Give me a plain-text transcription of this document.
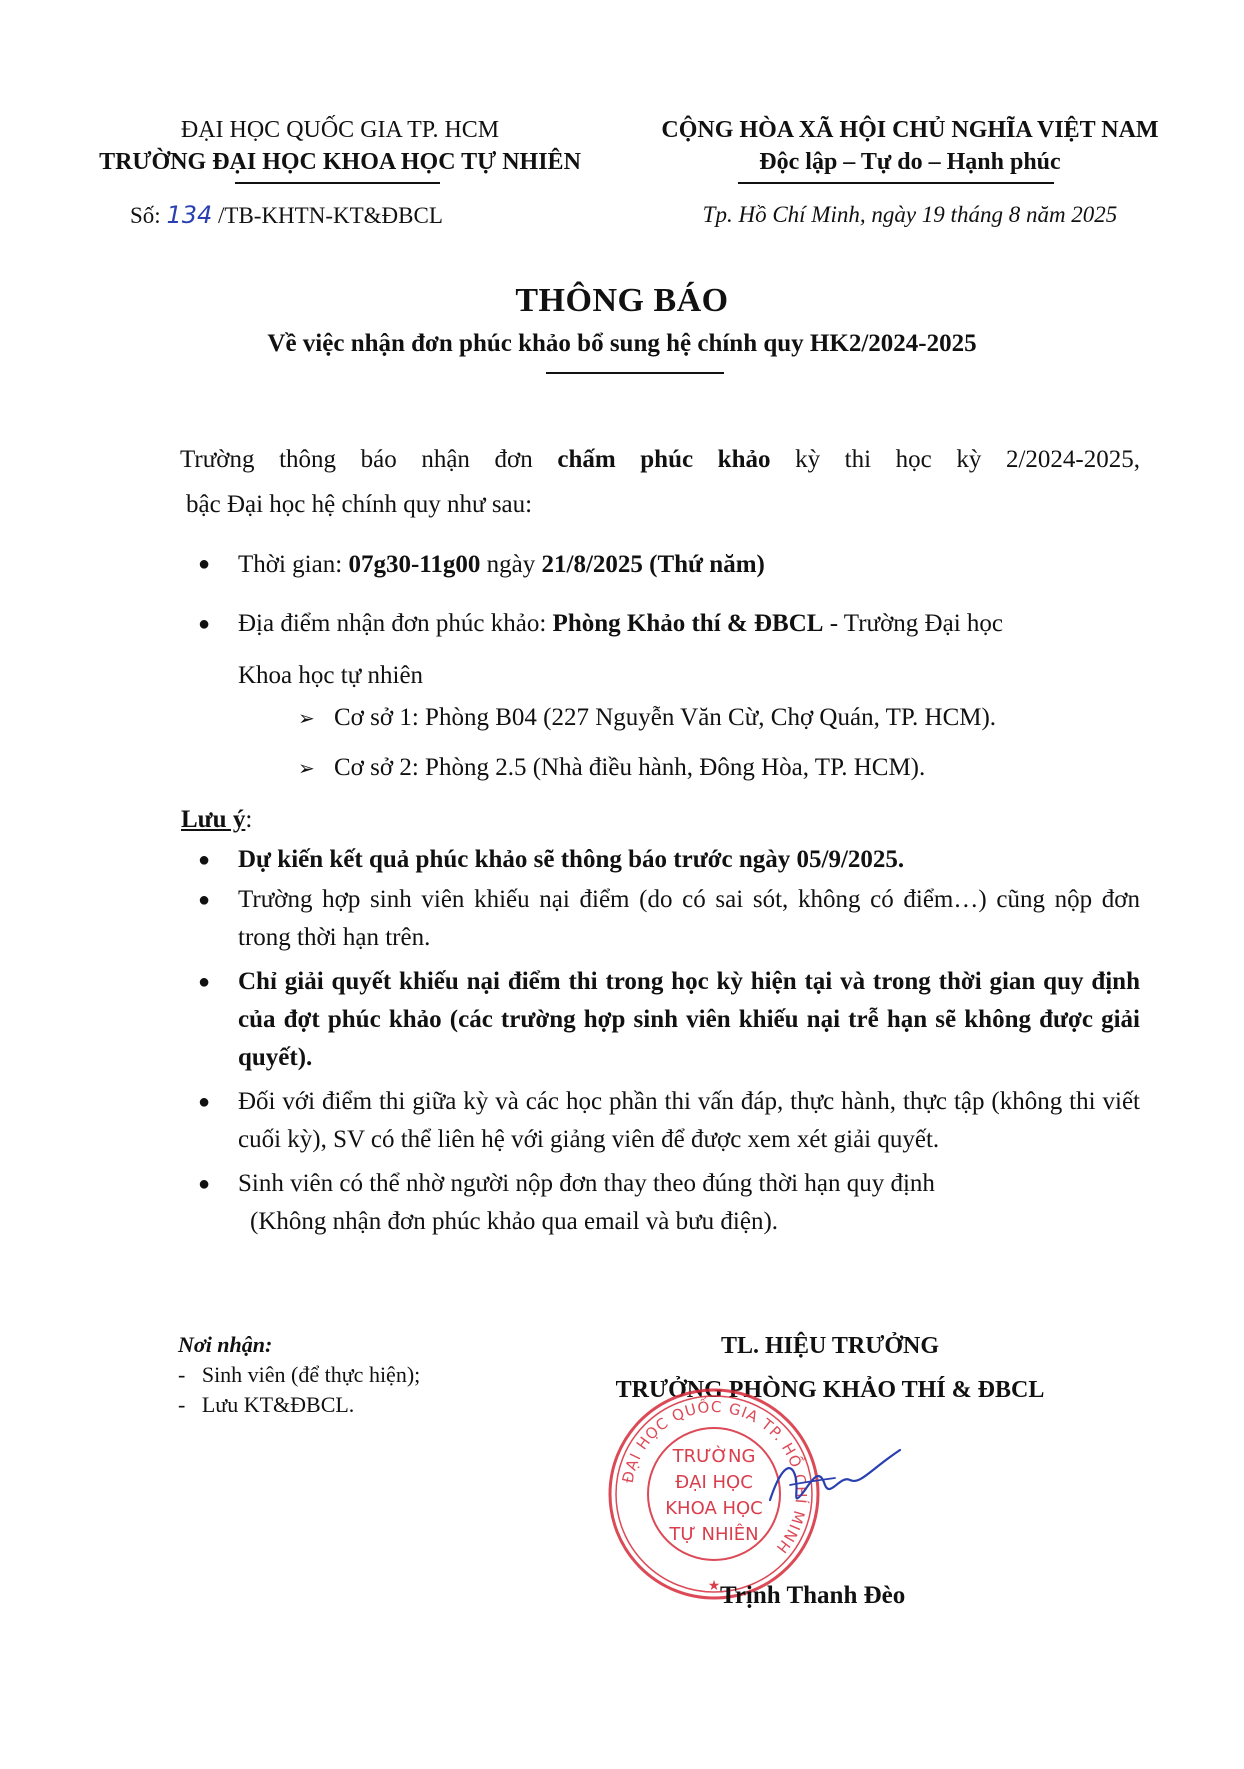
ĐẠI HỌC QUỐC GIA TP. HCM
TRƯỜNG ĐẠI HỌC KHOA HỌC TỰ NHIÊN
CỘNG HÒA XÃ HỘI CHỦ NGHĨA VIỆT NAM
Độc lập – Tự do – Hạnh phúc
Số: 134 /TB-KHTN-KT&ĐBCL	Tp. Hồ Chí Minh, ngày 19 tháng 8 năm 2025
THÔNG BÁO
Về việc nhận đơn phúc khảo bổ sung hệ chính quy HK2/2024-2025
Trường thông báo nhận đơn chấm phúc khảo kỳ thi học kỳ 2/2024-2025,
bậc Đại học hệ chính quy như sau:
● Thời gian: 07g30-11g00 ngày 21/8/2025 (Thứ năm)
● Địa điểm nhận đơn phúc khảo: Phòng Khảo thí & ĐBCL - Trường Đại học
Khoa học tự nhiên
➢ Cơ sở 1: Phòng B04 (227 Nguyễn Văn Cừ, Chợ Quán, TP. HCM).
➢ Cơ sở 2: Phòng 2.5 (Nhà điều hành, Đông Hòa, TP. HCM).
Lưu ý:
● Dự kiến kết quả phúc khảo sẽ thông báo trước ngày 05/9/2025.
● Trường hợp sinh viên khiếu nại điểm (do có sai sót, không có điểm…) cũng nộp đơn trong thời hạn trên.
● Chỉ giải quyết khiếu nại điểm thi trong học kỳ hiện tại và trong thời gian quy định của đợt phúc khảo (các trường hợp sinh viên khiếu nại trễ hạn sẽ không được giải quyết).
● Đối với điểm thi giữa kỳ và các học phần thi vấn đáp, thực hành, thực tập (không thi viết cuối kỳ), SV có thể liên hệ với giảng viên để được xem xét giải quyết.
● Sinh viên có thể nhờ người nộp đơn thay theo đúng thời hạn quy định
(Không nhận đơn phúc khảo qua email và bưu điện).
Nơi nhận:
-   Sinh viên (để thực hiện);
-   Lưu KT&ĐBCL.
TL. HIỆU TRƯỞNG
TRƯỞNG PHÒNG KHẢO THÍ & ĐBCL
ĐẠI HỌC QUỐC GIA TP. HỒ CHÍ MINH
TRƯỜNG
ĐẠI HỌC
KHOA HỌC
TỰ NHIÊN
★ Trịnh Thanh Đèo
